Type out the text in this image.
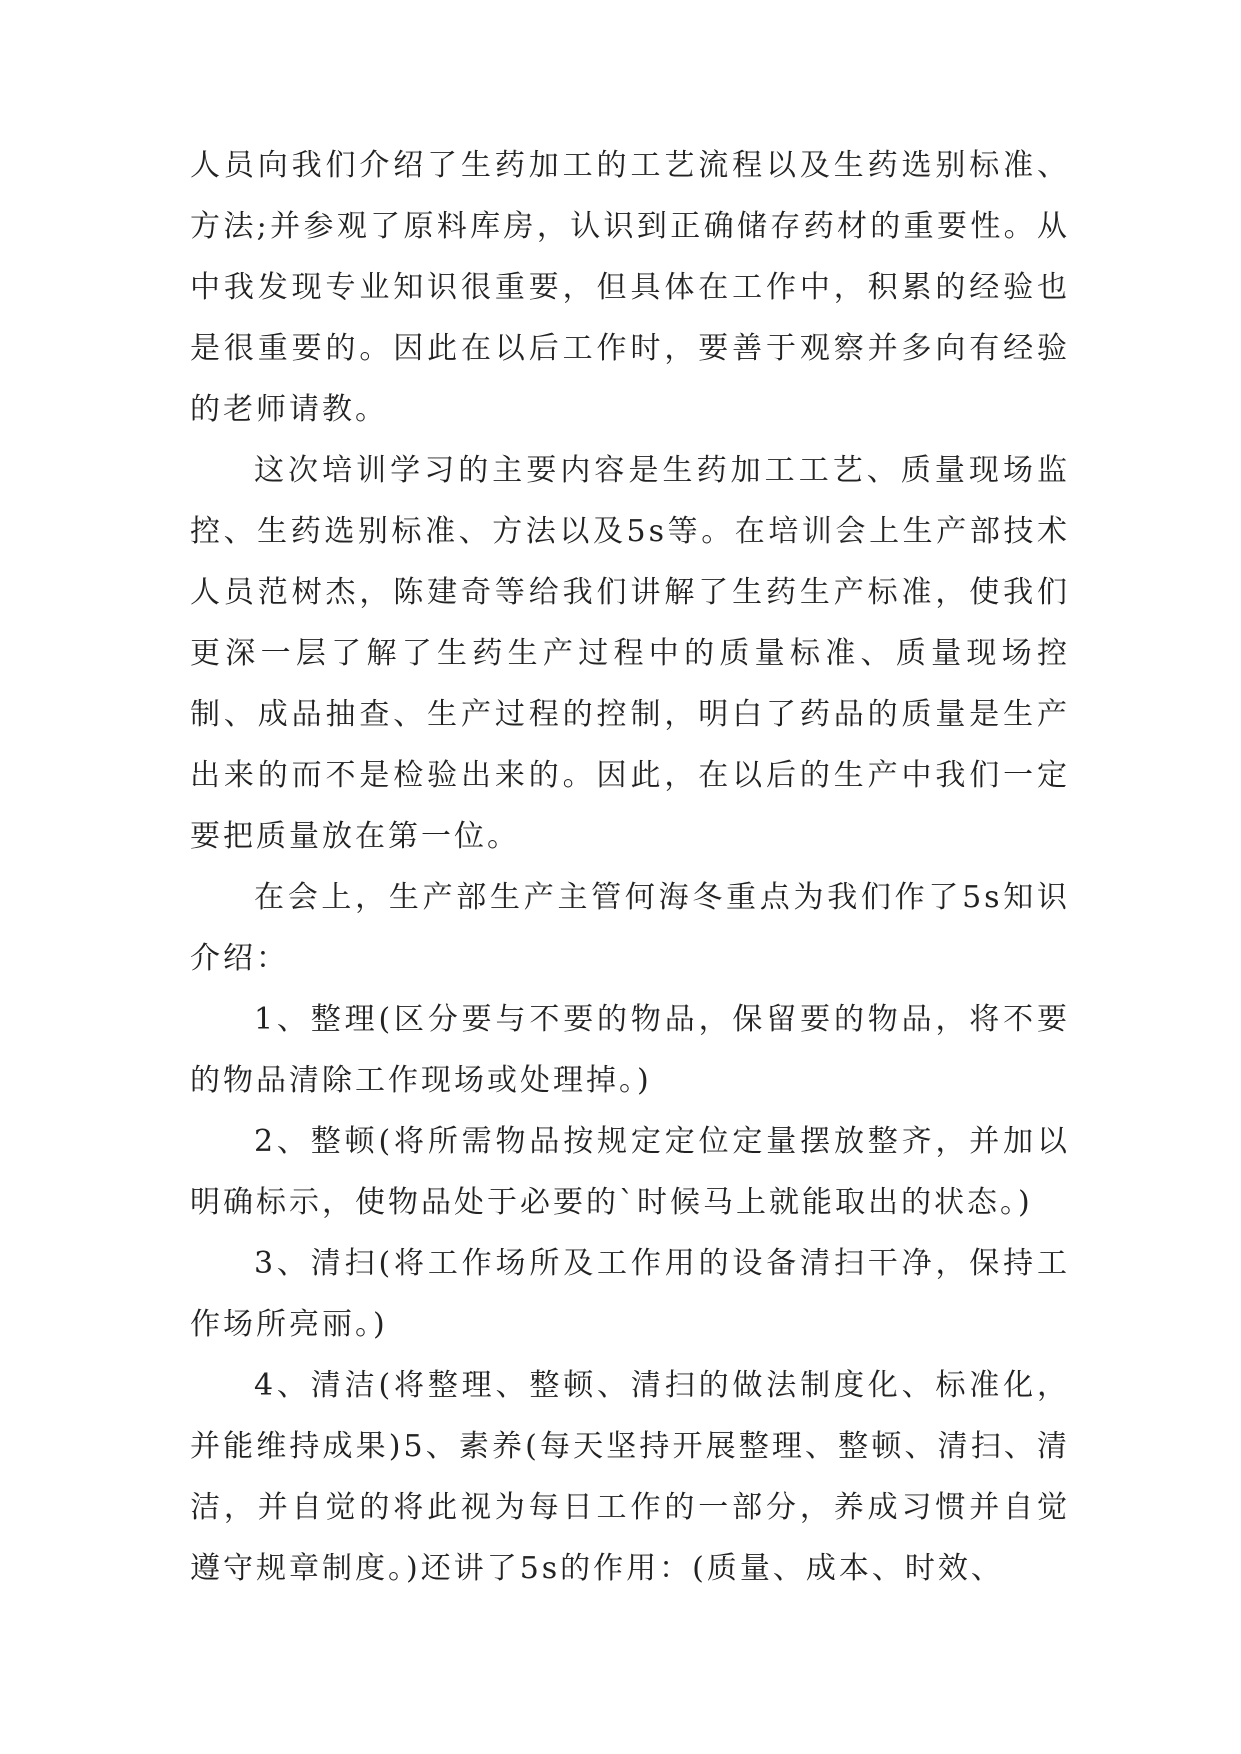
人员向我们介绍了生药加工的工艺流程以及生药选别标准、方法;并参观了原料库房，认识到正确储存药材的重要性。从中我发现专业知识很重要，但具体在工作中，积累的经验也是很重要的。因此在以后工作时，要善于观察并多向有经验的老师请教。

这次培训学习的主要内容是生药加工工艺、质量现场监控、生药选别标准、方法以及5s等。在培训会上生产部技术人员范树杰，陈建奇等给我们讲解了生药生产标准，使我们更深一层了解了生药生产过程中的质量标准、质量现场控制、成品抽查、生产过程的控制，明白了药品的质量是生产出来的而不是检验出来的。因此，在以后的生产中我们一定要把质量放在第一位。

在会上，生产部生产主管何海冬重点为我们作了5s知识介绍：

1、整理(区分要与不要的物品，保留要的物品，将不要的物品清除工作现场或处理掉。)

2、整顿(将所需物品按规定定位定量摆放整齐，并加以明确标示，使物品处于必要的`时候马上就能取出的状态。)

3、清扫(将工作场所及工作用的设备清扫干净，保持工作场所亮丽。)

4、清洁(将整理、整顿、清扫的做法制度化、标准化，并能维持成果)5、素养(每天坚持开展整理、整顿、清扫、清洁，并自觉的将此视为每日工作的一部分，养成习惯并自觉遵守规章制度。)还讲了5s的作用：(质量、成本、时效、
